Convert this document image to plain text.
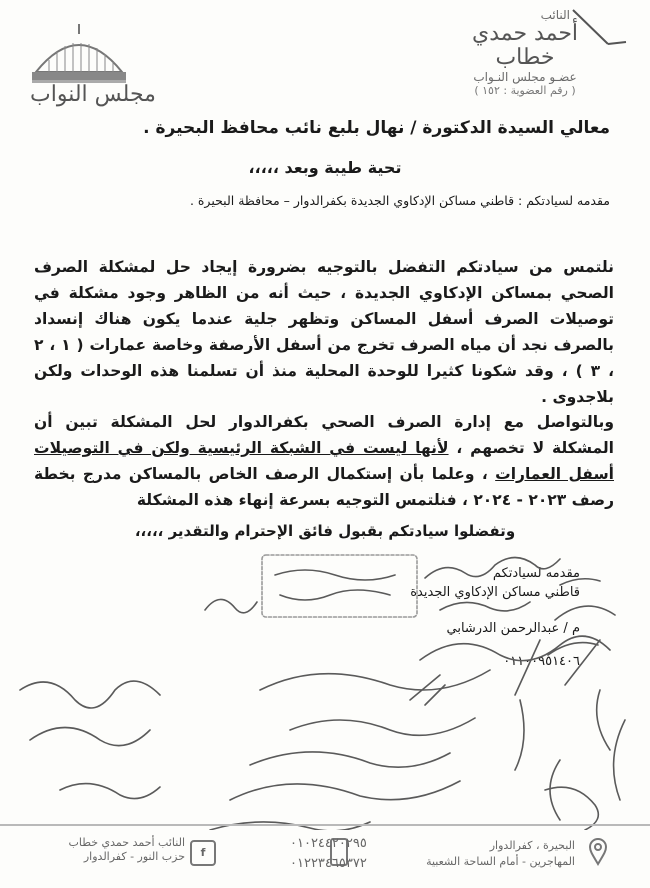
النائب
أحمد حمدي خطاب
عضـو مجلس النـواب
( رقم العضوية : ١٥٢ )
مجلس النواب
معالي السيدة الدكتورة / نهال بلبع نائب محافظ البحيرة .
تحية طيبة وبعد ،،،،،
مقدمه لسيادتكم : قاطني مساكن الإدكاوي الجديدة بكفرالدوار – محافظة البحيرة .
نلتمس من سيادتكم التفضل بالتوجيه بضرورة إيجاد حل لمشكلة الصرف الصحي بمساكن الإدكاوي الجديدة ، حيث أنه من الظاهر وجود مشكلة في توصيلات الصرف أسفل المساكن وتظهر جلية عندما يكون هناك إنسداد بالصرف نجد أن مياه الصرف تخرج من أسفل الأرصفة وخاصة عمارات ( ١ ، ٢ ، ٣ ) ، وقد شكونا كثيرا للوحدة المحلية منذ أن تسلمنا هذه الوحدات ولكن بلاجدوى .
وبالتواصل مع إدارة الصرف الصحي بكفرالدوار لحل المشكلة تبين أن المشكلة لا تخصهم ، لأنها ليست في الشبكة الرئيسية ولكن في التوصيلات أسفل العمارات ، وعلما بأن إستكمال الرصف الخاص بالمساكن مدرج بخطة رصف ٢٠٢٣ - ٢٠٢٤ ، فنلتمس التوجيه بسرعة إنهاء هذه المشكلة
وتفضلوا سيادتكم بقبول فائق الإحترام والتقدير ،،،،،
مقدمه لسيادتكم
قاطني مساكن الإدكاوي الجديدة
م / عبدالرحمن الدرشابي
٠١١٠٠٩٥١٤٠٦
البحيرة ، كفرالدوار
المهاجرين - أمام الساحة الشعبية
٠١٠٢٤٤٢٠٢٩٥
٠١٢٢٣٤٦٥٣٧٢
f
النائب أحمد حمدي خطاب
حزب النور - كفرالدوار
